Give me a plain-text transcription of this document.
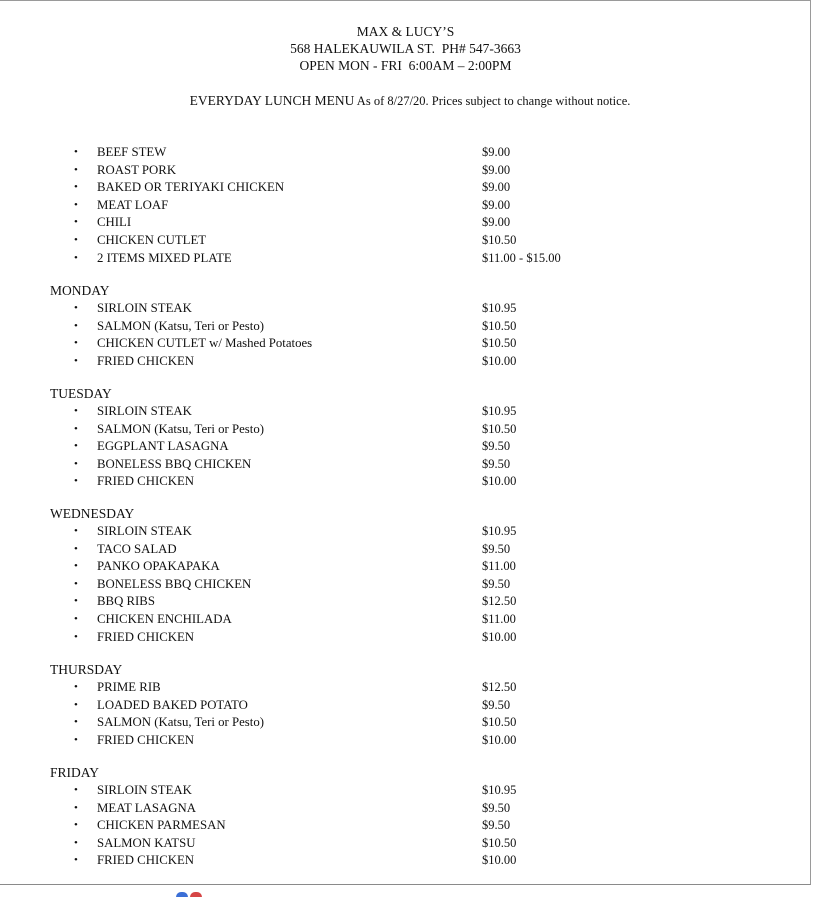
MAX & LUCY’S
568 HALEKAUWILA ST.  PH# 547-3663
OPEN MON - FRI  6:00AM – 2:00PM
EVERYDAY LUNCH MENU As of 8/27/20. Prices subject to change without notice.
• BEEF STEW	$9.00
• ROAST PORK	$9.00
• BAKED OR TERIYAKI CHICKEN	$9.00
• MEAT LOAF	$9.00
• CHILI	$9.00
• CHICKEN CUTLET	$10.50
• 2 ITEMS MIXED PLATE	$11.00 - $15.00
MONDAY
• SIRLOIN STEAK	$10.95
• SALMON (Katsu, Teri or Pesto)	$10.50
• CHICKEN CUTLET w/ Mashed Potatoes	$10.50
• FRIED CHICKEN	$10.00
TUESDAY
• SIRLOIN STEAK	$10.95
• SALMON (Katsu, Teri or Pesto)	$10.50
• EGGPLANT LASAGNA	$9.50
• BONELESS BBQ CHICKEN	$9.50
• FRIED CHICKEN	$10.00
WEDNESDAY
• SIRLOIN STEAK	$10.95
• TACO SALAD	$9.50
• PANKO OPAKAPAKA	$11.00
• BONELESS BBQ CHICKEN	$9.50
• BBQ RIBS	$12.50
• CHICKEN ENCHILADA	$11.00
• FRIED CHICKEN	$10.00
THURSDAY
• PRIME RIB	$12.50
• LOADED BAKED POTATO	$9.50
• SALMON (Katsu, Teri or Pesto)	$10.50
• FRIED CHICKEN	$10.00
FRIDAY
• SIRLOIN STEAK	$10.95
• MEAT LASAGNA	$9.50
• CHICKEN PARMESAN	$9.50
• SALMON KATSU	$10.50
• FRIED CHICKEN	$10.00
